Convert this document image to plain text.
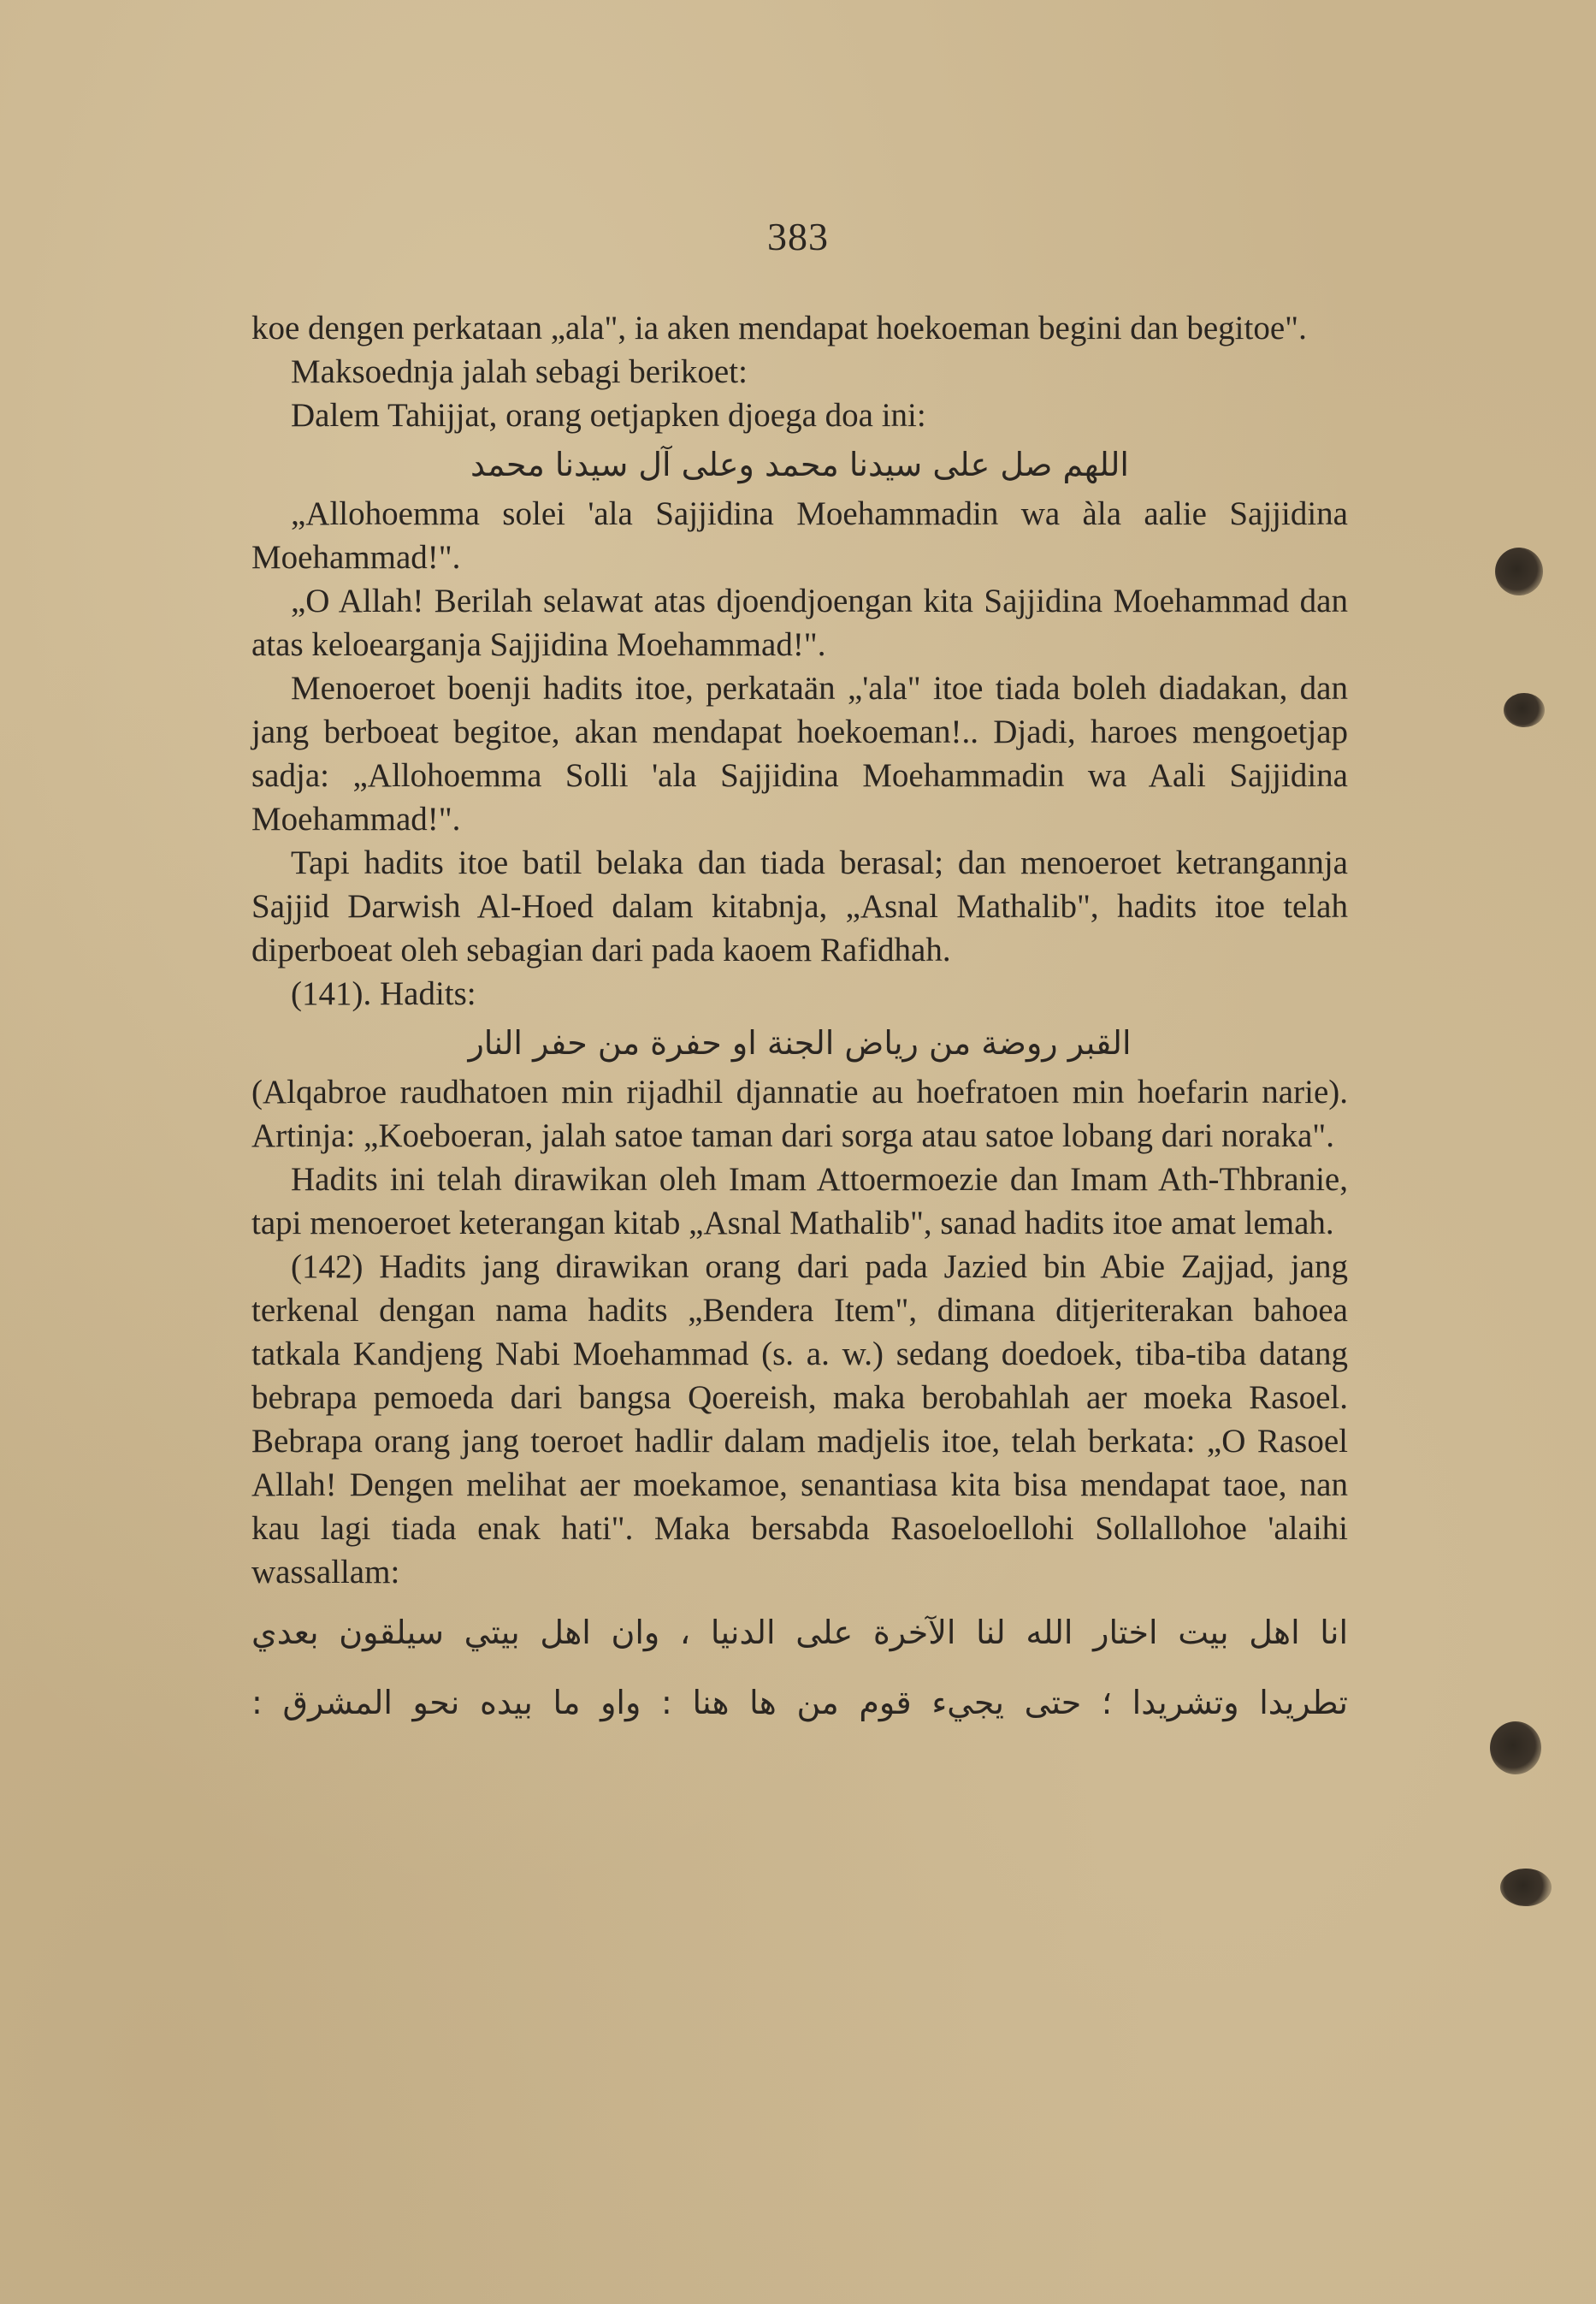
383

koe dengen perkataan „ala", ia aken mendapat hoekoeman begini dan begitoe".

Maksoednja jalah sebagi berikoet:

Dalem Tahijjat, orang oetjapken djoega doa ini:

اللهم صل على سيدنا محمد وعلى آل سيدنا محمد

„Allohoemma solei 'ala Sajjidina Moehammadin wa àla aalie Sajjidina Moehammad!".

„O Allah! Berilah selawat atas djoendjoengan kita Sajjidina Moehammad dan atas keloearganja Sajjidina Moehammad!".

Menoeroet boenji hadits itoe, perkataän „'ala" itoe tiada boleh diadakan, dan jang berboeat begitoe, akan mendapat hoekoeman!.. Djadi, haroes mengoetjap sadja: „Allohoemma Solli 'ala Sajjidina Moehammadin wa Aali Sajjidina Moehammad!".

Tapi hadits itoe batil belaka dan tiada berasal; dan menoeroet ketrangannja Sajjid Darwish Al-Hoed dalam kitabnja, „Asnal Mathalib", hadits itoe telah diperboeat oleh sebagian dari pada kaoem Rafidhah.

(141). Hadits:

القبر روضة من رياض الجنة او حفرة من حفر النار

(Alqabroe raudhatoen min rijadhil djannatie au hoefratoen min hoefarin narie). Artinja: „Koeboeran, jalah satoe taman dari sorga atau satoe lobang dari noraka".

Hadits ini telah dirawikan oleh Imam Attoermoezie dan Imam Ath-Thbranie, tapi menoeroet keterangan kitab „Asnal Mathalib", sanad hadits itoe amat lemah.

(142) Hadits jang dirawikan orang dari pada Jazied bin Abie Zajjad, jang terkenal dengan nama hadits „Bendera Item", dimana ditjeriterakan bahoea tatkala Kandjeng Nabi Moehammad (s. a. w.) sedang doedoek, tiba-tiba datang bebrapa pemoeda dari bangsa Qoereish, maka berobahlah aer moeka Rasoel. Bebrapa orang jang toeroet hadlir dalam madjelis itoe, telah berkata: „O Rasoel Allah! Dengen melihat aer moekamoe, senantiasa kita bisa mendapat taoe, nan kau lagi tiada enak hati". Maka bersabda Rasoeloellohi Sollallohoe 'alaihi wassallam:

انا اهل بيت اختار الله لنا الآخرة على الدنيا ، وان اهل بيتي سيلقون بعدي

تطريدا وتشريدا ؛ حتى يجيء قوم من ها هنا : واو ما بيده نحو المشرق :
